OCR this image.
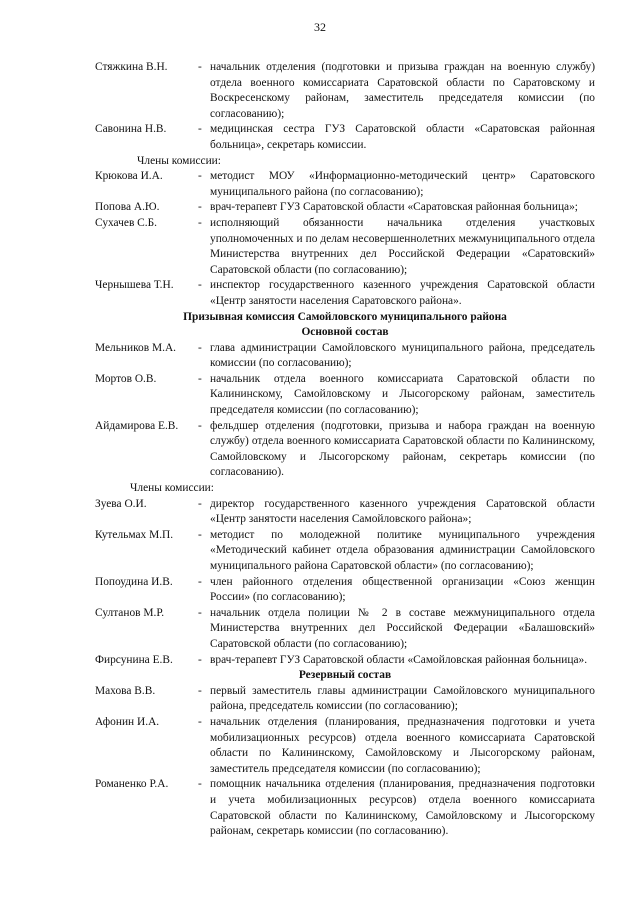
32
Стяжкина В.Н.	- начальник отделения (подготовки и призыва граждан на военную службу) отдела военного комиссариата Саратовской области по Саратовскому и Воскресенскому районам, заместитель председателя комиссии (по согласованию);
Савонина Н.В.	- медицинская сестра ГУЗ Саратовской области «Саратовская районная больница», секретарь комиссии.
Члены комиссии:
Крюкова И.А.	- методист МОУ «Информационно-методический центр» Саратовского муниципального района (по согласованию);
Попова А.Ю.	- врач-терапевт ГУЗ Саратовской области «Саратовская районная больница»;
Сухачев С.Б.	- исполняющий обязанности начальника отделения участковых уполномоченных и по делам несовершеннолетних межмуниципального отдела Министерства внутренних дел Российской Федерации «Саратовский» Саратовской области (по согласованию);
Чернышева Т.Н.	- инспектор государственного казенного учреждения Саратовской области «Центр занятости населения Саратовского района».
Призывная комиссия Самойловского муниципального района
Основной состав
Мельников М.А.	- глава администрации Самойловского муниципального района, председатель комиссии (по согласованию);
Мортов О.В.	- начальник отдела военного комиссариата Саратовской области по Калининскому, Самойловскому и Лысогорскому районам, заместитель председателя комиссии (по согласованию);
Айдамирова Е.В.	- фельдшер отделения (подготовки, призыва и набора граждан на военную службу) отдела военного комиссариата Саратовской области по Калининскому, Самойловскому и Лысогорскому районам, секретарь комиссии (по согласованию).
Члены комиссии:
Зуева О.И.	- директор государственного казенного учреждения Саратовской области «Центр занятости населения Самойловского района»;
Кутельмах М.П.	- методист по молодежной политике муниципального учреждения «Методический кабинет отдела образования администрации Самойловского муниципального района Саратовской области» (по согласованию);
Попоудина И.В.	- член районного отделения общественной организации «Союз женщин России» (по согласованию);
Султанов М.Р.	- начальник отдела полиции № 2 в составе межмуниципального отдела Министерства внутренних дел Российской Федерации «Балашовский» Саратовской области (по согласованию);
Фирсунина Е.В.	- врач-терапевт ГУЗ Саратовской области «Самойловская районная больница».
Резервный состав
Махова В.В.	- первый заместитель главы администрации Самойловского муниципального района, председатель комиссии (по согласованию);
Афонин И.А.	- начальник отделения (планирования, предназначения подготовки и учета мобилизационных ресурсов) отдела военного комиссариата Саратовской области по Калининскому, Самойловскому и Лысогорскому районам, заместитель председателя комиссии (по согласованию);
Романенко Р.А.	- помощник начальника отделения (планирования, предназначения подготовки и учета мобилизационных ресурсов) отдела военного комиссариата Саратовской области по Калининскому, Самойловскому и Лысогорскому районам, секретарь комиссии (по согласованию).
